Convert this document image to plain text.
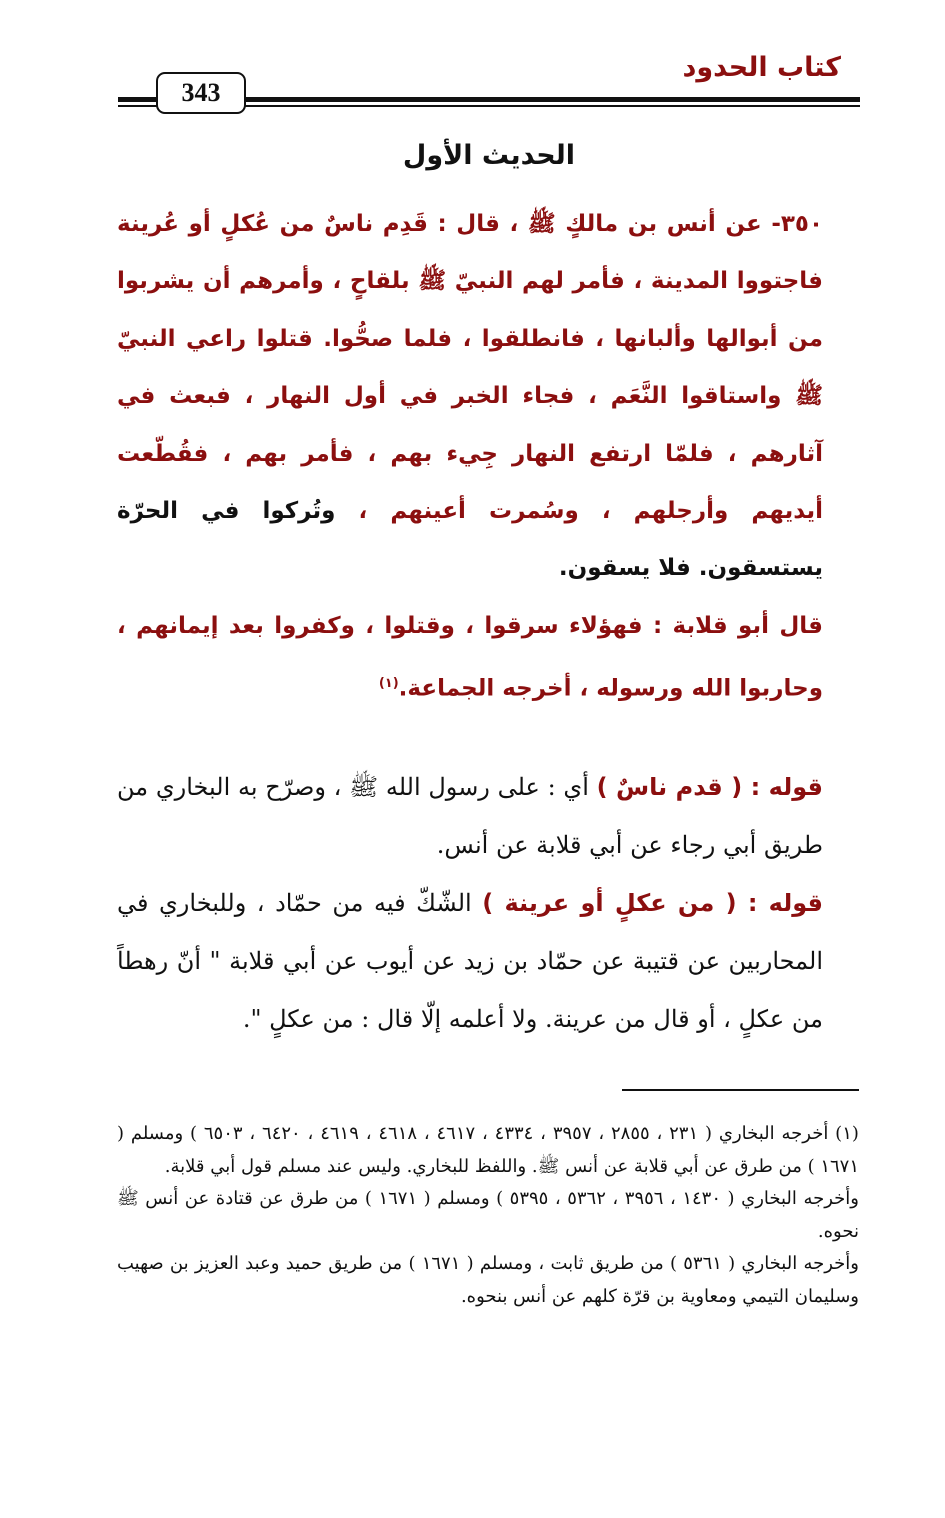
كتاب الحدود
343
الحديث الأول

٣٥٠- عن أنس بن مالكٍ ﷺ ، قال : قَدِم ناسٌ من عُكلٍ أو عُرينة فاجتووا المدينة ، فأمر لهم النبيّ ﷺ بلقاحٍ ، وأمرهم أن يشربوا من أبوالها وألبانها ، فانطلقوا ، فلما صحُّوا. قتلوا راعي النبيّ ﷺ واستاقوا النَّعَم ، فجاء الخبر في أول النهار ، فبعث في آثارهم ، فلمّا ارتفع النهار جِيء بهم ، فأمر بهم ، فقُطّعت أيديهم وأرجلهم ، وسُمرت أعينهم ، وتُركوا في الحرّة يستسقون. فلا يسقون.

قال أبو قلابة : فهؤلاء سرقوا ، وقتلوا ، وكفروا بعد إيمانهم ، وحاربوا الله ورسوله ، أخرجه الجماعة.$^{(١)}$

قوله : ( قدم ناسٌ ) أي : على رسول الله ﷺ ، وصرّح به البخاري من طريق أبي رجاء عن أبي قلابة عن أنس.

قوله : ( من عكلٍ أو عرينة ) الشّكّ فيه من حمّاد ، وللبخاري في المحاربين عن قتيبة عن حمّاد بن زيد عن أيوب عن أبي قلابة " أنّ رهطاً من عكلٍ ، أو قال من عرينة. ولا أعلمه إلّا قال : من عكلٍ ".

(١) أخرجه البخاري ( ٢٣١ ، ٢٨٥٥ ، ٣٩٥٧ ، ٤٣٣٤ ، ٤٦١٧ ، ٤٦١٨ ، ٤٦١٩ ، ٦٤٢٠ ، ٦٥٠٣ ) ومسلم ( ١٦٧١ ) من طرق عن أبي قلابة عن أنس ﷺ. واللفظ للبخاري. وليس عند مسلم قول أبي قلابة.

وأخرجه البخاري ( ١٤٣٠ ، ٣٩٥٦ ، ٥٣٦٢ ، ٥٣٩٥ ) ومسلم ( ١٦٧١ ) من طرق عن قتادة عن أنس ﷺ نحوه.

وأخرجه البخاري ( ٥٣٦١ ) من طريق ثابت ، ومسلم ( ١٦٧١ ) من طريق حميد وعبد العزيز بن صهيب وسليمان التيمي ومعاوية بن قرّة كلهم عن أنس بنحوه.
